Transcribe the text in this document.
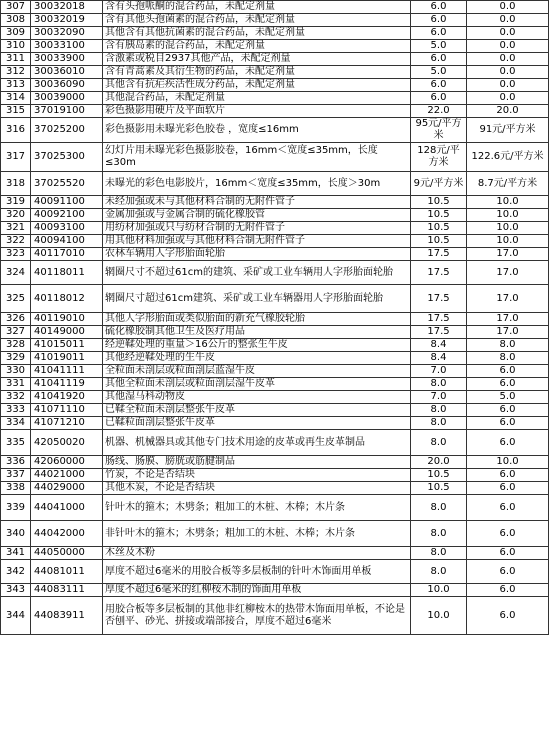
307	30032018	含有头孢哌酮的混合药品，未配定剂量	6.0	0.0
308	30032019	含有其他头孢菌素的混合药品，未配定剂量	6.0	0.0
309	30032090	其他含有其他抗菌素的混合药品，未配定剂量	6.0	0.0
310	30033100	含有胰岛素的混合药品，未配定剂量	5.0	0.0
311	30033900	含激素或税目2937其他产品，未配定剂量	6.0	0.0
312	30036010	含有青蒿素及其衍生物的药品，未配定剂量	5.0	0.0
313	30036090	其他含有抗疟疾活性成分药品，未配定剂量	6.0	0.0
314	30039000	其他混合药品，未配定剂量	6.0	0.0
315	37019100	彩色摄影用硬片及平面软片	22.0	20.0
316	37025200	彩色摄影用未曝光彩色胶卷 ，宽度≤16mm	95元/平方米	91元/平方米
317	37025300	幻灯片用未曝光彩色摄影胶卷，16mm＜宽度≤35mm，长度≤30m	128元/平方米	122.6元/平方米
318	37025520	未曝光的彩色电影胶片，16mm＜宽度≤35mm，长度＞30m	9元/平方米	8.7元/平方米
319	40091100	未经加强或未与其他材料合制的无附件管子	10.5	10.0
320	40092100	金属加强或与金属合制的硫化橡胶管	10.5	10.0
321	40093100	用纺材加强或只与纺材合制的无附件管子	10.5	10.0
322	40094100	用其他材料加强或与其他材料合制无附件管子	10.5	10.0
323	40117010	农林车辆用人字形胎面轮胎	17.5	17.0
324	40118011	辋圈尺寸不超过61cm的建筑、采矿或工业车辆用人字形胎面轮胎	17.5	17.0
325	40118012	辋圈尺寸超过61cm建筑、采矿或工业车辆器用人字形胎面轮胎	17.5	17.0
326	40119010	其他人字形胎面或类似胎面的新充气橡胶轮胎	17.5	17.0
327	40149000	硫化橡胶制其他卫生及医疗用品	17.5	17.0
328	41015011	经逆鞣处理的重量＞16公斤的整张生牛皮	8.4	8.0
329	41019011	其他经逆鞣处理的生牛皮	8.4	8.0
330	41041111	全粒面未剖层或粒面剖层蓝湿牛皮	7.0	6.0
331	41041119	其他全粒面未剖层或粒面剖层湿牛皮革	8.0	6.0
332	41041920	其他湿马科动物皮	7.0	5.0
333	41071110	已鞣全粒面未剖层整张牛皮革	8.0	6.0
334	41071210	已鞣粒面剖层整张牛皮革	8.0	6.0
335	42050020	机器、机械器具或其他专门技术用途的皮革或再生皮革制品	8.0	6.0
336	42060000	肠线、肠膜、膀胱或筋腱制品	20.0	10.0
337	44021000	竹炭，不论是否结块	10.5	6.0
338	44029000	其他木炭，不论是否结块	10.5	6.0
339	44041000	针叶木的箍木；木劈条；粗加工的木桩、木棒；木片条	8.0	6.0
340	44042000	非针叶木的箍木；木劈条；粗加工的木桩、木棒；木片条	8.0	6.0
341	44050000	木丝及木粉	8.0	6.0
342	44081011	厚度不超过6毫米的用胶合板等多层板制的针叶木饰面用单板	8.0	6.0
343	44083111	厚度不超过6毫米的红柳桉木制的饰面用单板	10.0	6.0
344	44083911	用胶合板等多层板制的其他非红柳桉木的热带木饰面用单板，不论是否刨平、砂光、拼接或端部接合，厚度不超过6毫米	10.0	6.0
